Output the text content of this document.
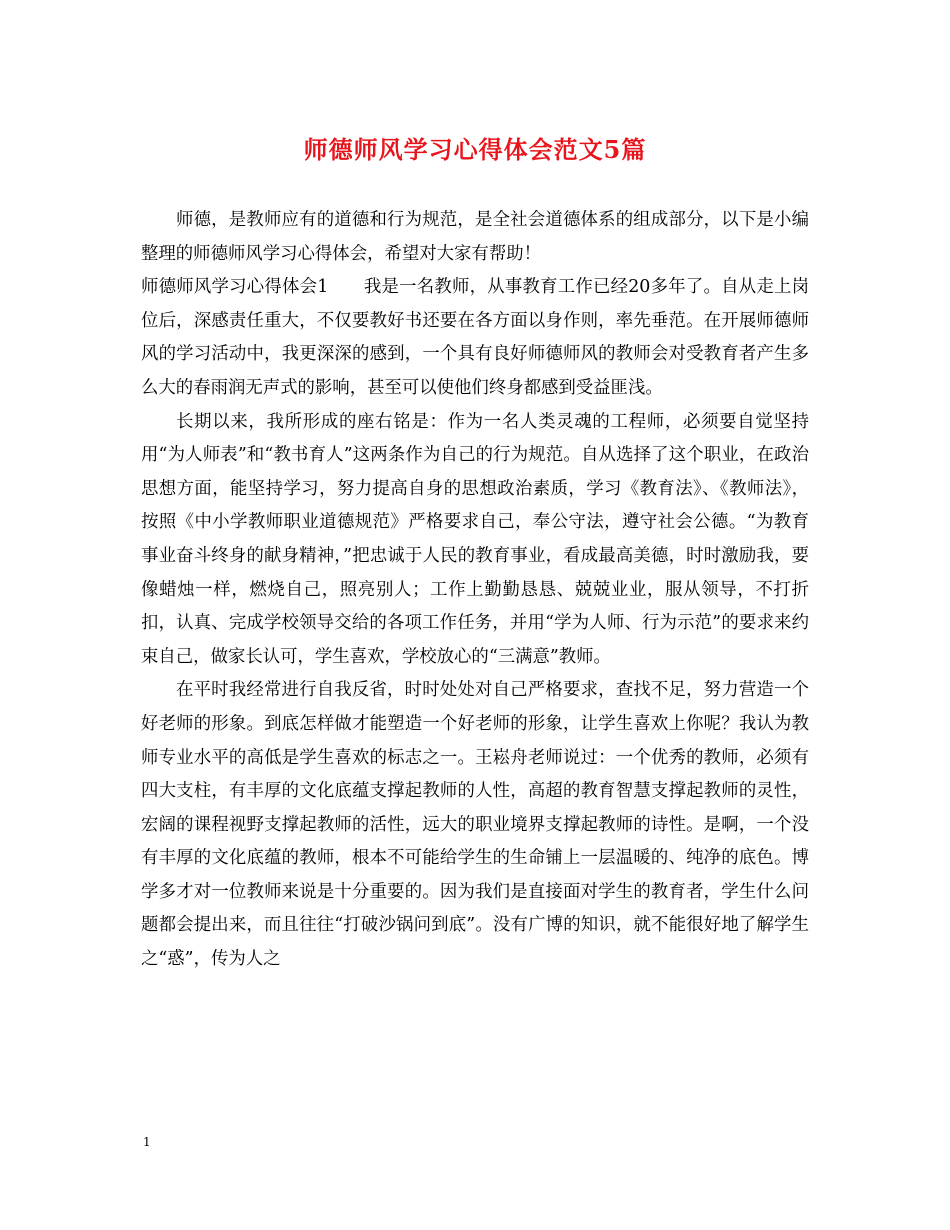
师德师风学习心得体会范文5篇

师德，是教师应有的道德和行为规范，是全社会道德体系的组成部分，以下是小编整理的师德师风学习心得体会，希望对大家有帮助！

师德师风学习心得体会1　　我是一名教师，从事教育工作已经20多年了。自从走上岗位后，深感责任重大，不仅要教好书还要在各方面以身作则，率先垂范。在开展师德师风的学习活动中，我更深深的感到，一个具有良好师德师风的教师会对受教育者产生多么大的春雨润无声式的影响，甚至可以使他们终身都感到受益匪浅。

长期以来，我所形成的座右铭是：作为一名人类灵魂的工程师，必须要自觉坚持用“为人师表”和“教书育人”这两条作为自己的行为规范。自从选择了这个职业，在政治思想方面，能坚持学习，努力提高自身的思想政治素质，学习《教育法》、《教师法》，按照《中小学教师职业道德规范》严格要求自己，奉公守法，遵守社会公德。“为教育事业奋斗终身的献身精神，”把忠诚于人民的教育事业，看成最高美德，时时激励我，要像蜡烛一样，燃烧自己，照亮别人；工作上勤勤恳恳、兢兢业业，服从领导，不打折扣，认真、完成学校领导交给的各项工作任务，并用“学为人师、行为示范”的要求来约束自己，做家长认可，学生喜欢，学校放心的“三满意”教师。

在平时我经常进行自我反省，时时处处对自己严格要求，查找不足，努力营造一个好老师的形象。到底怎样做才能塑造一个好老师的形象，让学生喜欢上你呢？我认为教师专业水平的高低是学生喜欢的标志之一。王崧舟老师说过：一个优秀的教师，必须有四大支柱，有丰厚的文化底蕴支撑起教师的人性，高超的教育智慧支撑起教师的灵性，宏阔的课程视野支撑起教师的活性，远大的职业境界支撑起教师的诗性。是啊，一个没有丰厚的文化底蕴的教师，根本不可能给学生的生命铺上一层温暖的、纯净的底色。博学多才对一位教师来说是十分重要的。因为我们是直接面对学生的教育者，学生什么问题都会提出来，而且往往“打破沙锅问到底”。没有广博的知识，就不能很好地了解学生之“惑”，传为人之

1
